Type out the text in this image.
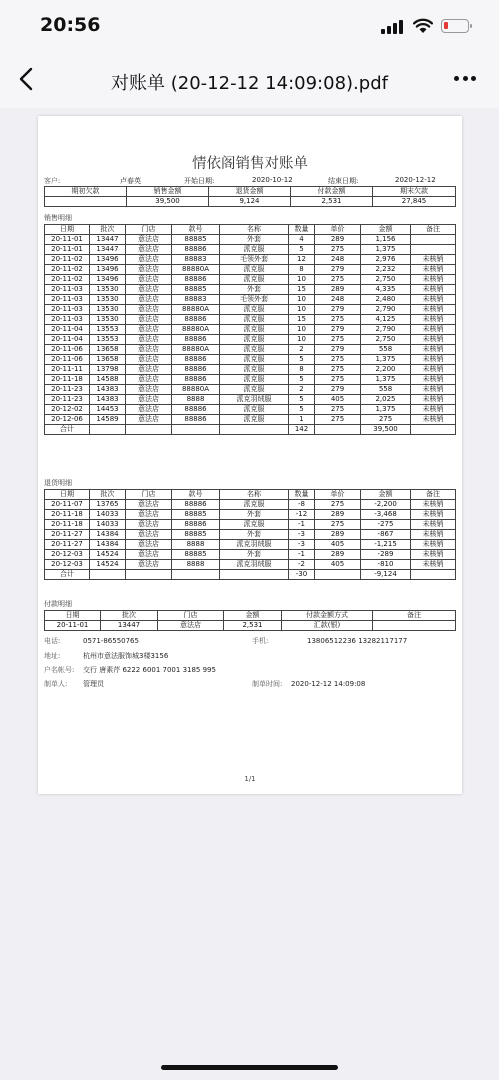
20:56
对账单 (20-12-12 14:09:08).pdf
情依阁销售对账单
客户:	卢春英	开始日期:	2020-10-12	结束日期:	2020-12-12
期初欠款	销售金额	退货金额	付款金额	期末欠款
	39,500	9,124	2,531	27,845
销售明细
日期	批次	门店	款号	名称	数量	单价	金额	备注
20-11-01	13447	意法店	88885	外套	4	289	1,156	
20-11-01	13447	意法店	88886	派克服	5	275	1,375	
20-11-02	13496	意法店	88883	毛领外套	12	248	2,976	未核销
20-11-02	13496	意法店	88880A	派克服	8	279	2,232	未核销
20-11-02	13496	意法店	88886	派克服	10	275	2,750	未核销
20-11-03	13530	意法店	88885	外套	15	289	4,335	未核销
20-11-03	13530	意法店	88883	毛领外套	10	248	2,480	未核销
20-11-03	13530	意法店	88880A	派克服	10	279	2,790	未核销
20-11-03	13530	意法店	88886	派克服	15	275	4,125	未核销
20-11-04	13553	意法店	88880A	派克服	10	279	2,790	未核销
20-11-04	13553	意法店	88886	派克服	10	275	2,750	未核销
20-11-06	13658	意法店	88880A	派克服	2	279	558	未核销
20-11-06	13658	意法店	88886	派克服	5	275	1,375	未核销
20-11-11	13798	意法店	88886	派克服	8	275	2,200	未核销
20-11-18	14588	意法店	88886	派克服	5	275	1,375	未核销
20-11-23	14383	意法店	88880A	派克服	2	279	558	未核销
20-11-23	14383	意法店	8888	派克羽绒服	5	405	2,025	未核销
20-12-02	14453	意法店	88886	派克服	5	275	1,375	未核销
20-12-06	14589	意法店	88886	派克服	1	275	275	未核销
合计					142		39,500	
退货明细
日期	批次	门店	款号	名称	数量	单价	金额	备注
20-11-07	13765	意法店	88886	派克服	-8	275	-2,200	未核销
20-11-18	14033	意法店	88885	外套	-12	289	-3,468	未核销
20-11-18	14033	意法店	88886	派克服	-1	275	-275	未核销
20-11-27	14384	意法店	88885	外套	-3	289	-867	未核销
20-11-27	14384	意法店	8888	派克羽绒服	-3	405	-1,215	未核销
20-12-03	14524	意法店	88885	外套	-1	289	-289	未核销
20-12-03	14524	意法店	8888	派克羽绒服	-2	405	-810	未核销
合计					-30		-9,124	
付款明细
日期	批次	门店	金额	付款金额方式	备注
20-11-01	13447	意法店	2,531	汇款(银)	
电话:	0571-86550765	手机:	13806512236 13282117177
地址:	杭州市意法服饰城3楼3156
户名帐号: 交行 唐素芹 6222 6001 7001 3185 995
制单人: 管理员	制单时间: 2020-12-12 14:09:08
1/1
